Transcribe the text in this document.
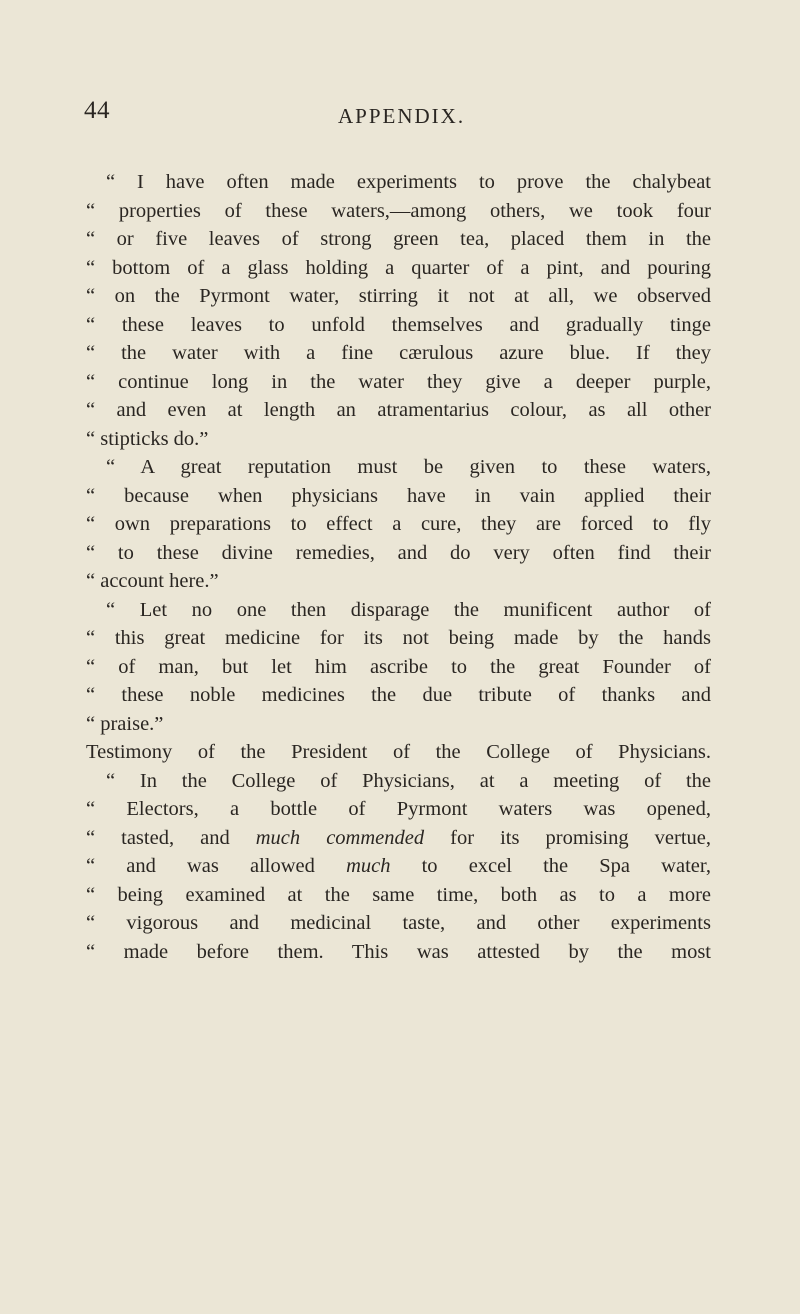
44	APPENDIX.
“ I have often made experiments to prove the chalybeat
“ properties of these waters,—among others, we took four
“ or five leaves of strong green tea, placed them in the
“ bottom of a glass holding a quarter of a pint, and pouring
“ on the Pyrmont water, stirring it not at all, we observed
“ these leaves to unfold themselves and gradually tinge
“ the water with a fine cærulous azure blue. If they
“ continue long in the water they give a deeper purple,
“ and even at length an atramentarius colour, as all other
“ stipticks do.”
“ A great reputation must be given to these waters,
“ because when physicians have in vain applied their
“ own preparations to effect a cure, they are forced to fly
“ to these divine remedies, and do very often find their
“ account here.”
“ Let no one then disparage the munificent author of
“ this great medicine for its not being made by the hands
“ of man, but let him ascribe to the great Founder of
“ these noble medicines the due tribute of thanks and
“ praise.”
Testimony of the President of the College of Physicians.
“ In the College of Physicians, at a meeting of the
“ Electors, a bottle of Pyrmont waters was opened,
“ tasted, and much commended for its promising vertue,
“ and was allowed much to excel the Spa water,
“ being examined at the same time, both as to a more
“ vigorous and medicinal taste, and other experiments
“ made before them. This was attested by the most
